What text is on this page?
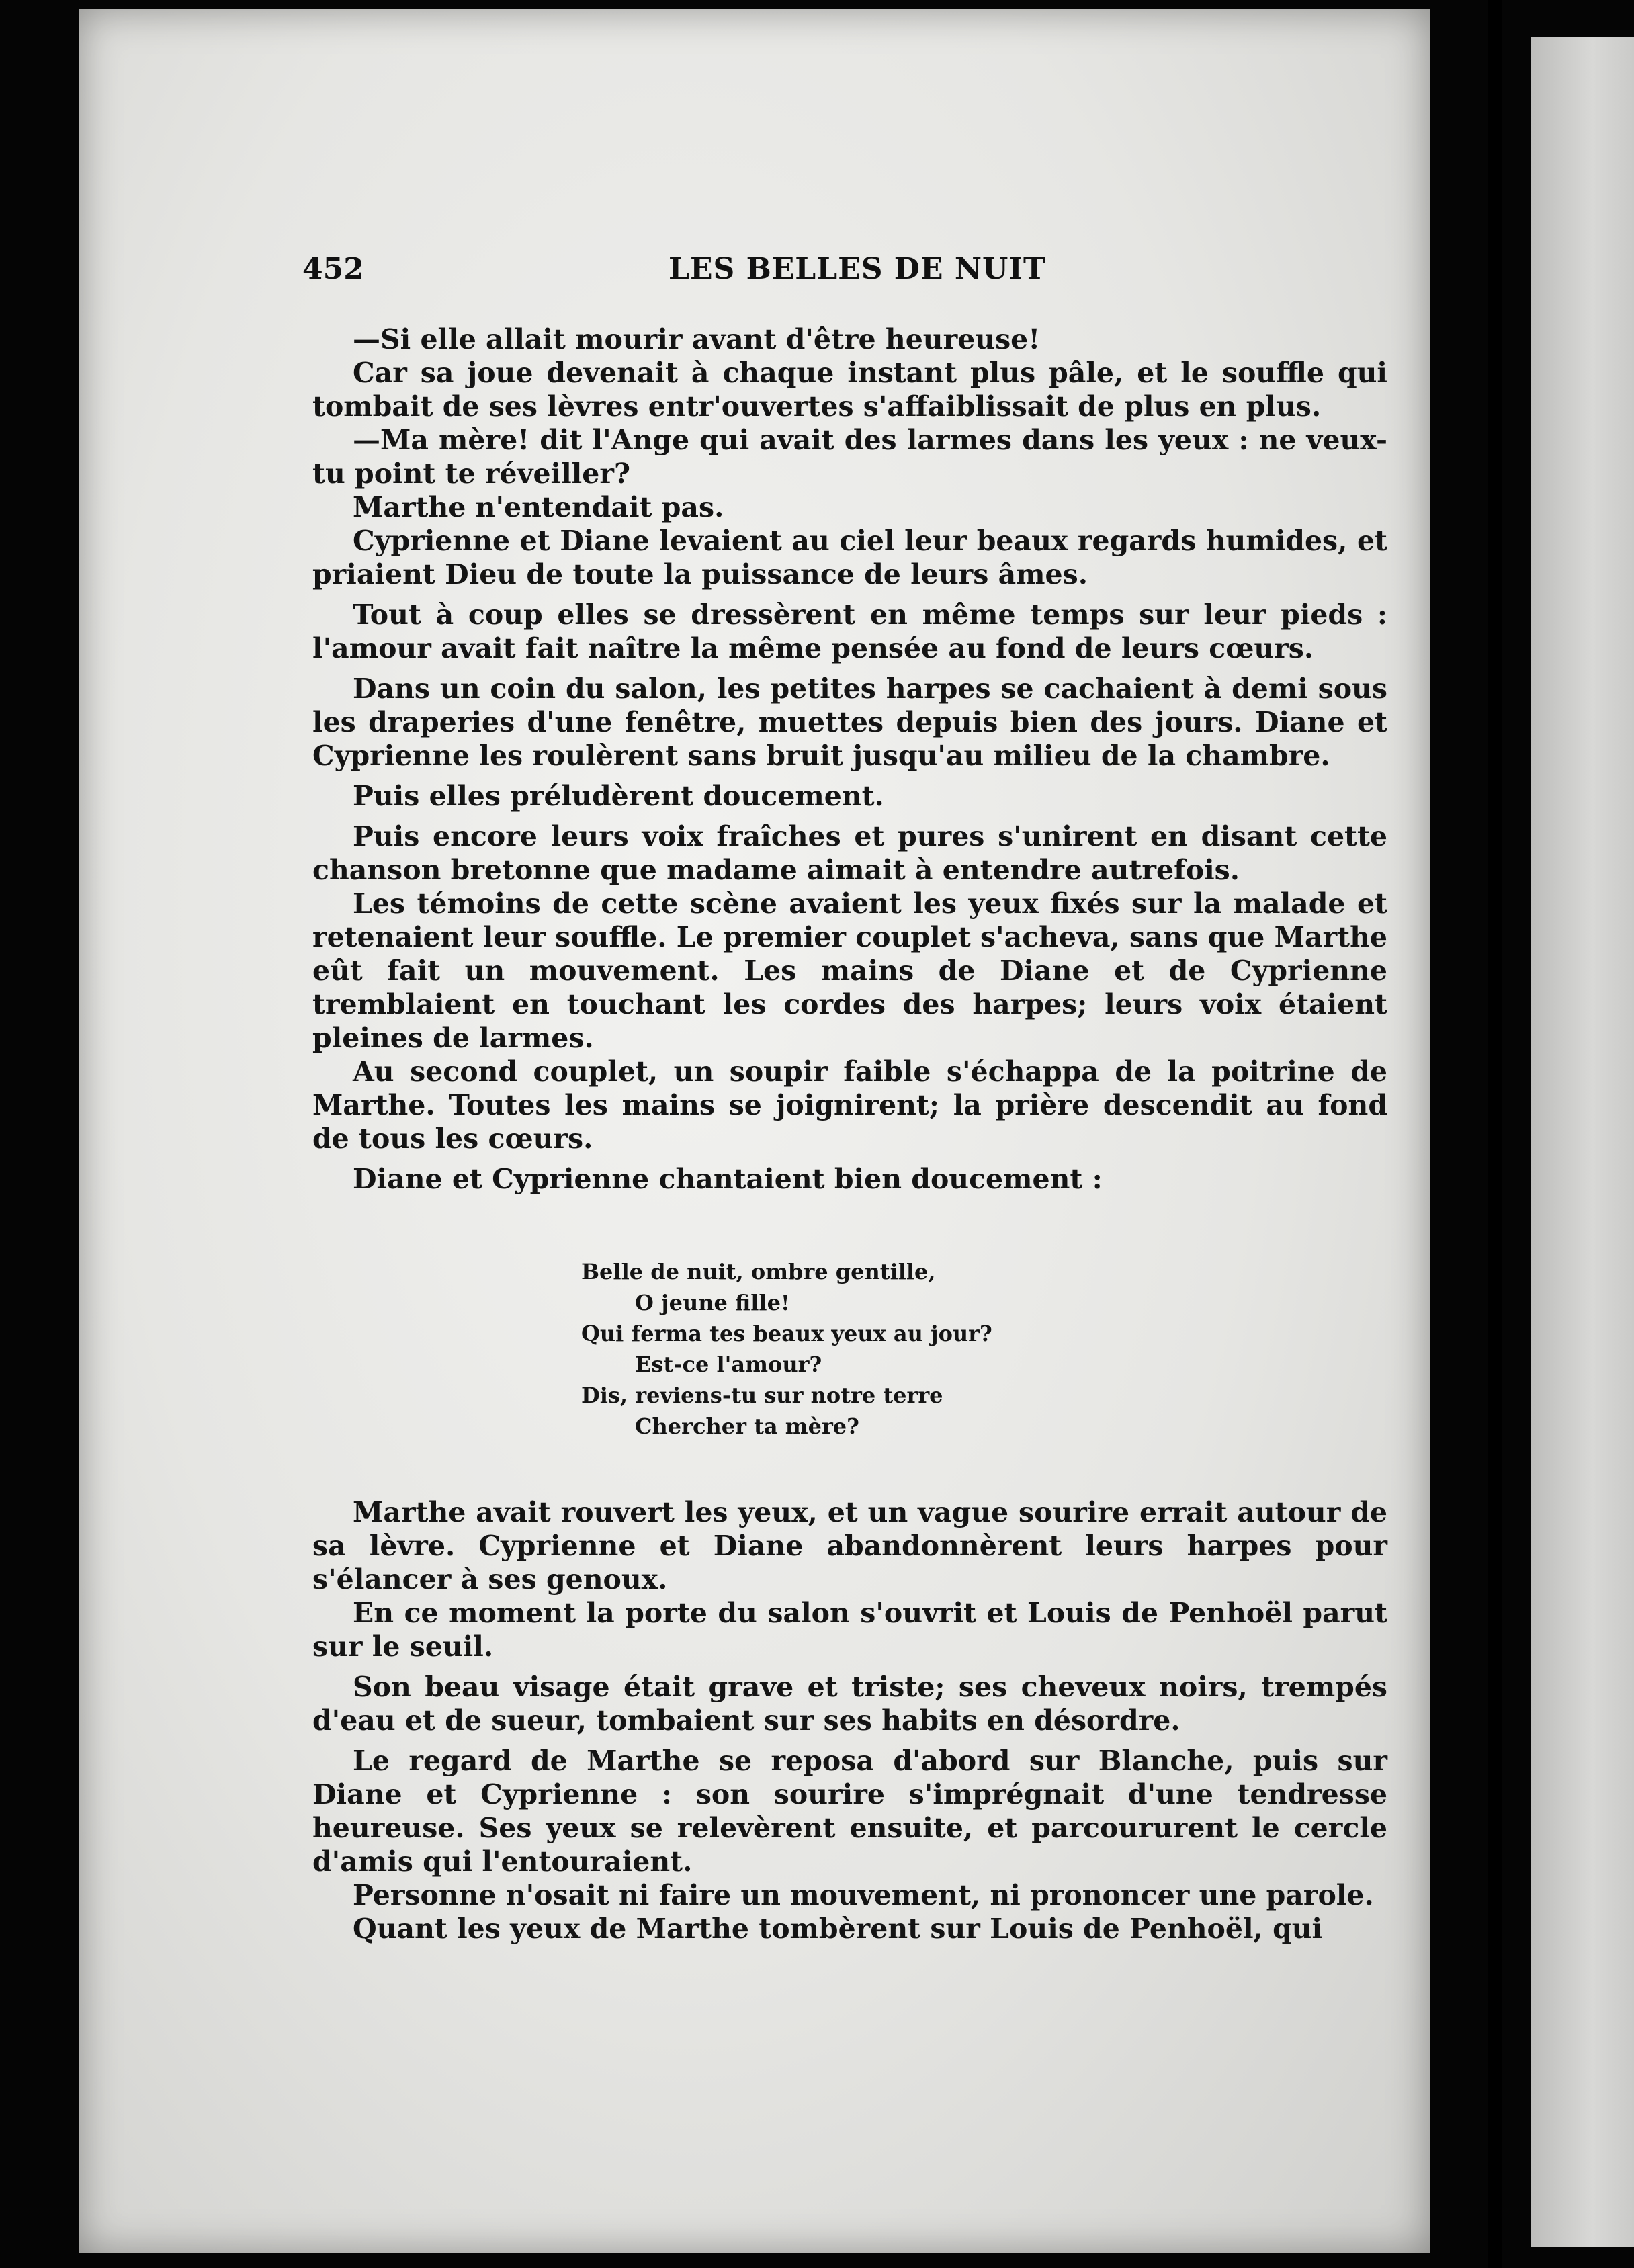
452	LES BELLES DE NUIT

—Si elle allait mourir avant d'être heureuse!

Car sa joue devenait à chaque instant plus pâle, et le souffle qui tombait de ses lèvres entr'ouvertes s'affaiblissait de plus en plus.

—Ma mère! dit l'Ange qui avait des larmes dans les yeux : ne veux-tu point te réveiller?

Marthe n'entendait pas.

Cyprienne et Diane levaient au ciel leur beaux regards humides, et priaient Dieu de toute la puissance de leurs âmes.

Tout à coup elles se dressèrent en même temps sur leur pieds : l'amour avait fait naître la même pensée au fond de leurs cœurs.

Dans un coin du salon, les petites harpes se cachaient à demi sous les draperies d'une fenêtre, muettes depuis bien des jours. Diane et Cyprienne les roulèrent sans bruit jusqu'au milieu de la chambre.

Puis elles préludèrent doucement.

Puis encore leurs voix fraîches et pures s'unirent en disant cette chanson bretonne que madame aimait à entendre autrefois.

Les témoins de cette scène avaient les yeux fixés sur la malade et retenaient leur souffle. Le premier couplet s'acheva, sans que Marthe eût fait un mouvement. Les mains de Diane et de Cyprienne tremblaient en touchant les cordes des harpes; leurs voix étaient pleines de larmes.

Au second couplet, un soupir faible s'échappa de la poitrine de Marthe. Toutes les mains se joignirent; la prière descendit au fond de tous les cœurs.

Diane et Cyprienne chantaient bien doucement :

Belle de nuit, ombre gentille,
O jeune fille!
Qui ferma tes beaux yeux au jour?
Est-ce l'amour?
Dis, reviens-tu sur notre terre
Chercher ta mère?

Marthe avait rouvert les yeux, et un vague sourire errait autour de sa lèvre. Cyprienne et Diane abandonnèrent leurs harpes pour s'élancer à ses genoux.

En ce moment la porte du salon s'ouvrit et Louis de Penhoël parut sur le seuil.

Son beau visage était grave et triste; ses cheveux noirs, trempés d'eau et de sueur, tombaient sur ses habits en désordre.

Le regard de Marthe se reposa d'abord sur Blanche, puis sur Diane et Cyprienne : son sourire s'imprégnait d'une tendresse heureuse. Ses yeux se relevèrent ensuite, et parcoururent le cercle d'amis qui l'entouraient.

Personne n'osait ni faire un mouvement, ni prononcer une parole.

Quant les yeux de Marthe tombèrent sur Louis de Penhoël, qui
